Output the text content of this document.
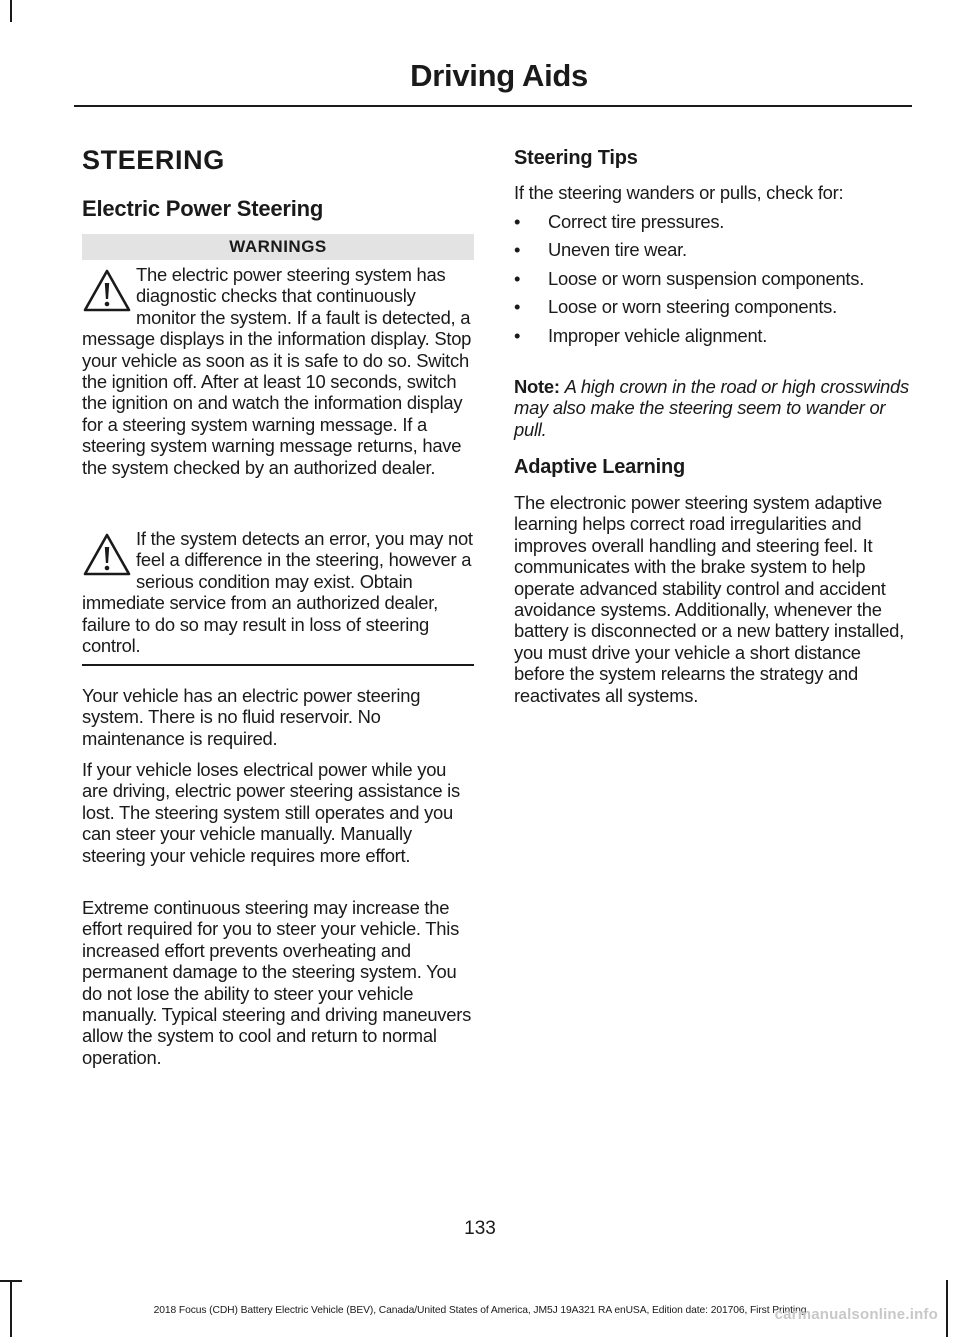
Driving Aids
STEERING
Electric Power Steering
WARNINGS

The electric power steering system has diagnostic checks that continuously monitor the system. If a fault is detected, a message displays in the information display. Stop your vehicle as soon as it is safe to do so. Switch the ignition off. After at least 10 seconds, switch the ignition on and watch the information display for a steering system warning message. If a steering system warning message returns, have the system checked by an authorized dealer.

If the system detects an error, you may not feel a difference in the steering, however a serious condition may exist. Obtain immediate service from an authorized dealer, failure to do so may result in loss of steering control.

Your vehicle has an electric power steering system. There is no fluid reservoir. No maintenance is required.

If your vehicle loses electrical power while you are driving, electric power steering assistance is lost. The steering system still operates and you can steer your vehicle manually. Manually steering your vehicle requires more effort.

Extreme continuous steering may increase the effort required for you to steer your vehicle. This increased effort prevents overheating and permanent damage to the steering system. You do not lose the ability to steer your vehicle manually. Typical steering and driving maneuvers allow the system to cool and return to normal operation.

Steering Tips

If the steering wanders or pulls, check for:

• Correct tire pressures.
• Uneven tire wear.
• Loose or worn suspension components.
• Loose or worn steering components.
• Improper vehicle alignment.

Note: A high crown in the road or high crosswinds may also make the steering seem to wander or pull.

Adaptive Learning

The electronic power steering system adaptive learning helps correct road irregularities and improves overall handling and steering feel. It communicates with the brake system to help operate advanced stability control and accident avoidance systems. Additionally, whenever the battery is disconnected or a new battery installed, you must drive your vehicle a short distance before the system relearns the strategy and reactivates all systems.

133
2018 Focus (CDH) Battery Electric Vehicle (BEV), Canada/United States of America, JM5J 19A321 RA enUSA, Edition date: 201706, First Printing
carmanualsonline.info
